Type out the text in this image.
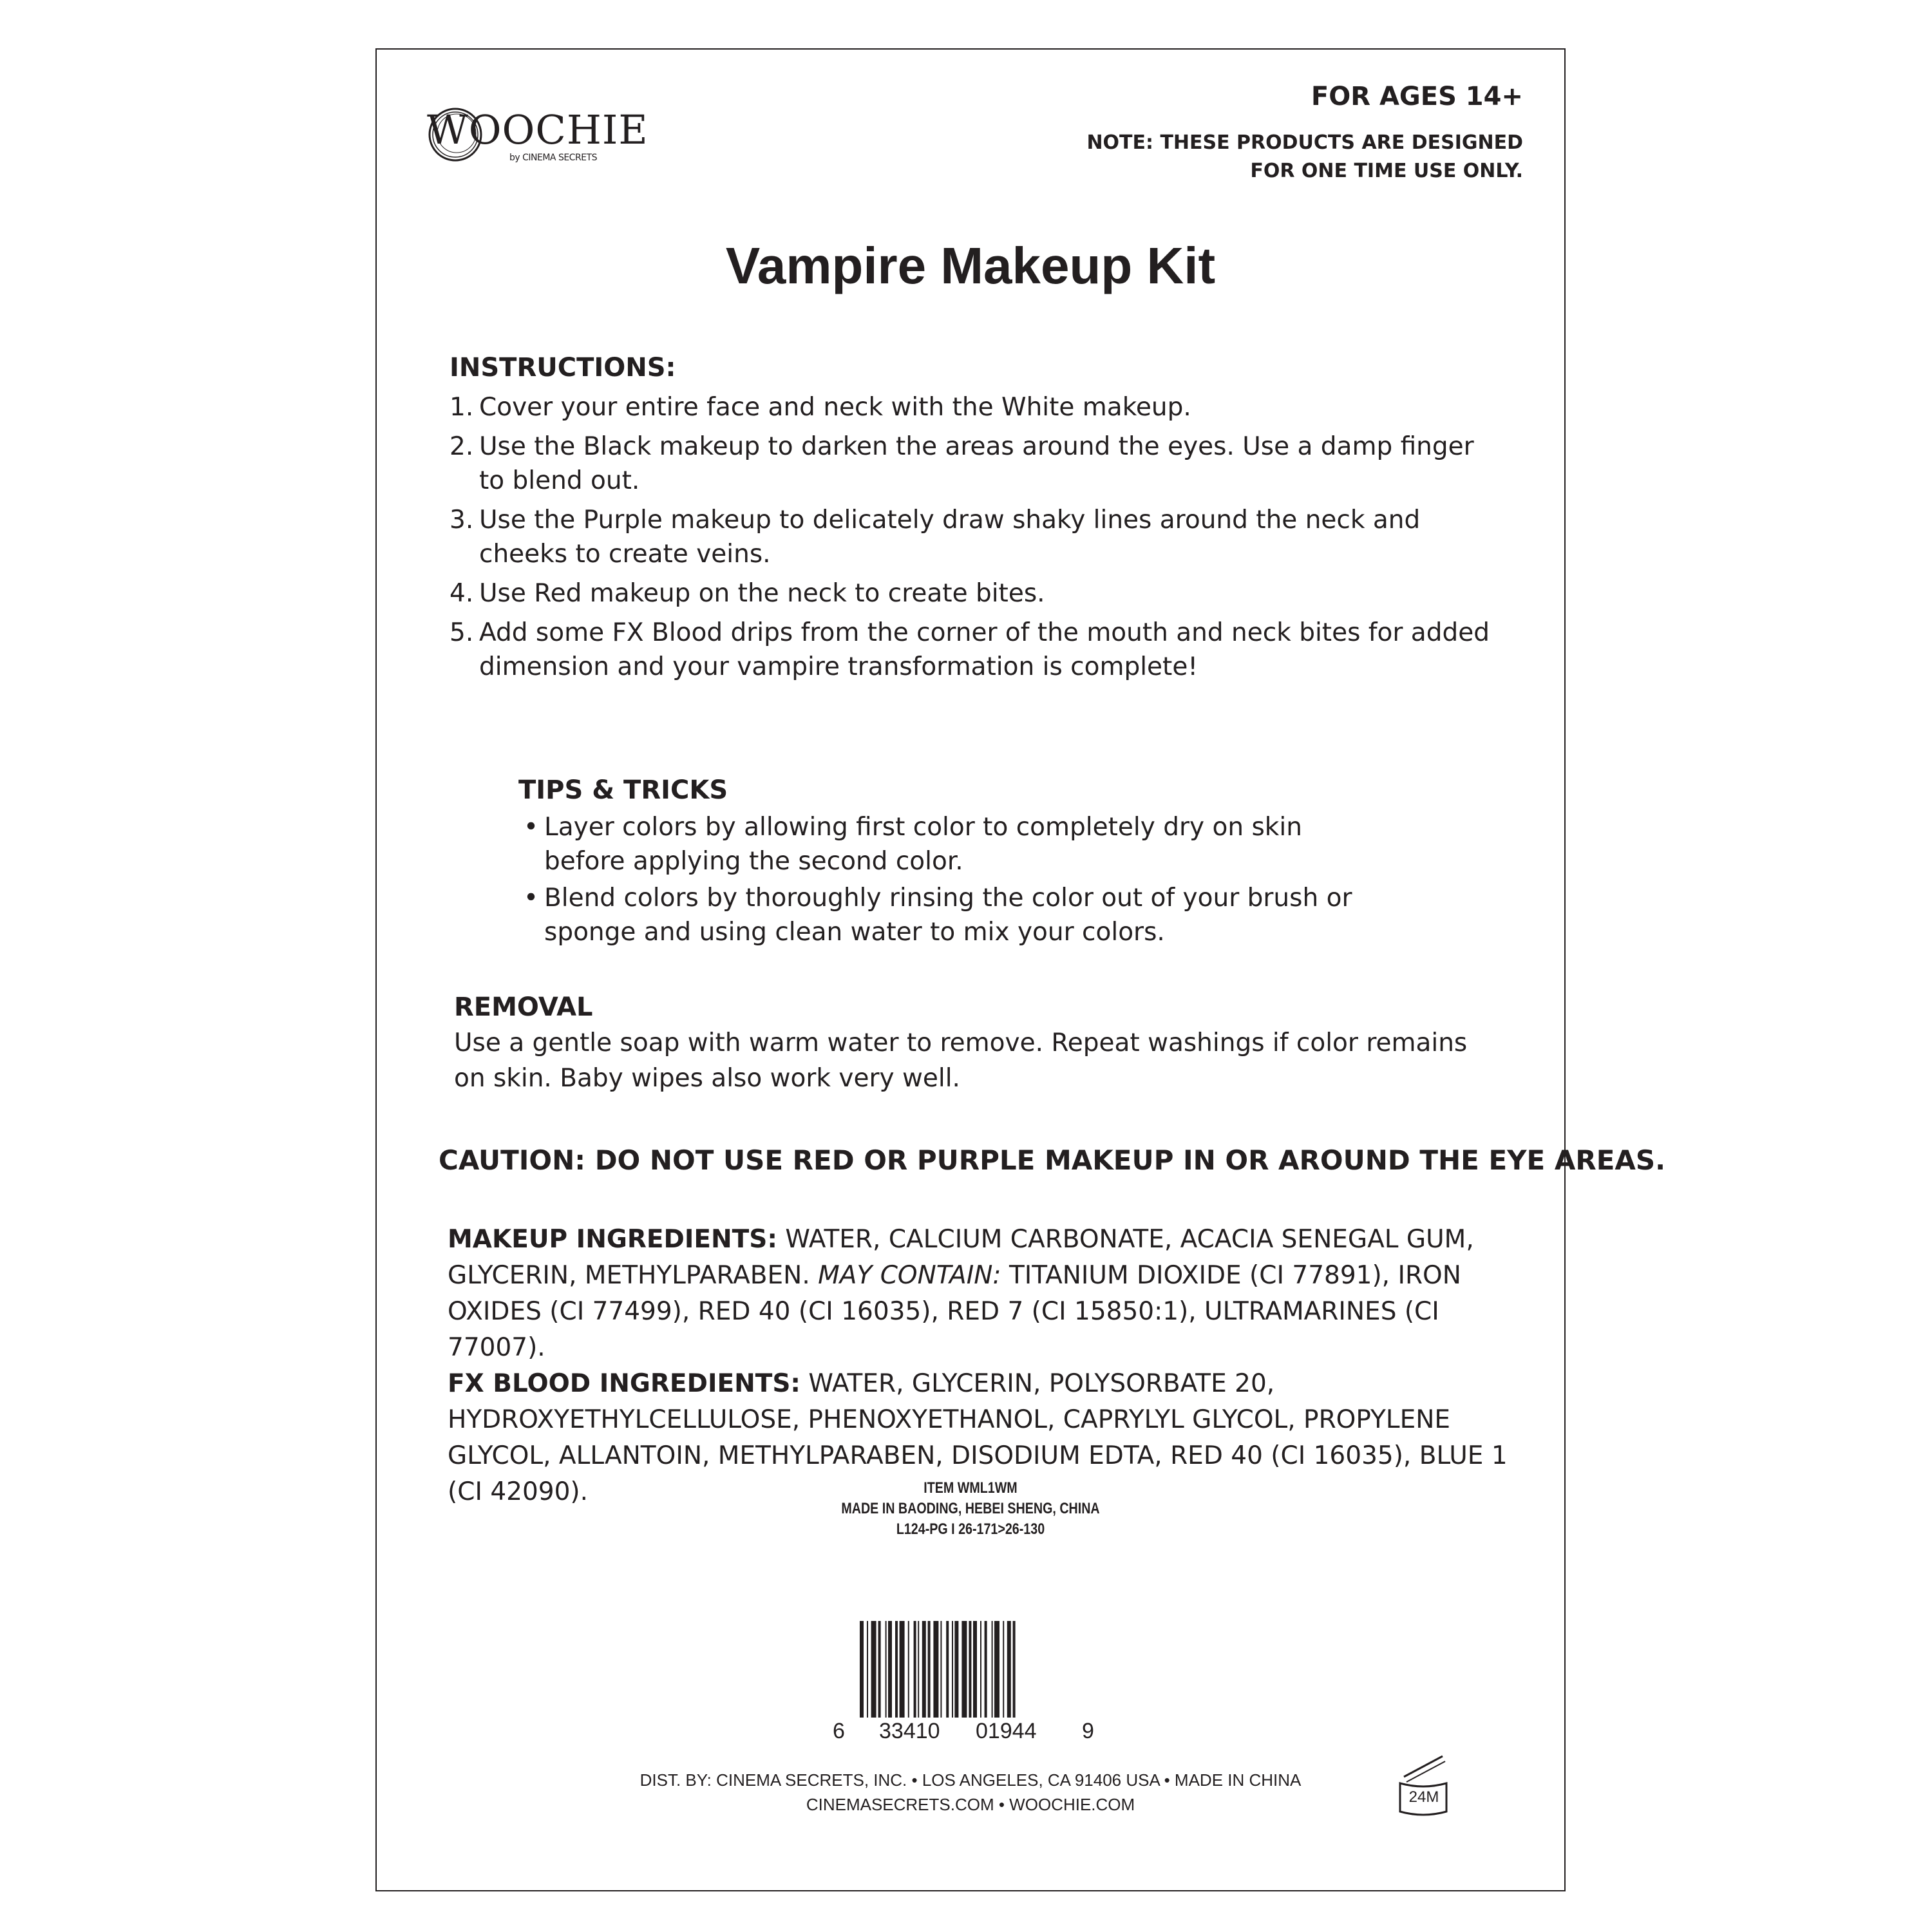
WOOCHIE
by CINEMA SECRETS
FOR AGES 14+
NOTE: THESE PRODUCTS ARE DESIGNED
FOR ONE TIME USE ONLY.
Vampire Makeup Kit
INSTRUCTIONS:
1. Cover your entire face and neck with the White makeup.
2. Use the Black makeup to darken the areas around the eyes. Use a damp finger to blend out.
3. Use the Purple makeup to delicately draw shaky lines around the neck and cheeks to create veins.
4. Use Red makeup on the neck to create bites.
5. Add some FX Blood drips from the corner of the mouth and neck bites for added dimension and your vampire transformation is complete!
TIPS & TRICKS
• Layer colors by allowing first color to completely dry on skin before applying the second color.
• Blend colors by thoroughly rinsing the color out of your brush or sponge and using clean water to mix your colors.
REMOVAL
Use a gentle soap with warm water to remove. Repeat washings if color remains on skin. Baby wipes also work very well.
CAUTION: DO NOT USE RED OR PURPLE MAKEUP IN OR AROUND THE EYE AREAS.
MAKEUP INGREDIENTS: WATER, CALCIUM CARBONATE, ACACIA SENEGAL GUM, GLYCERIN, METHYLPARABEN. MAY CONTAIN: TITANIUM DIOXIDE (CI 77891), IRON OXIDES (CI 77499), RED 40 (CI 16035), RED 7 (CI 15850:1), ULTRAMARINES (CI 77007).
FX BLOOD INGREDIENTS: WATER, GLYCERIN, POLYSORBATE 20, HYDROXYETHYLCELLULOSE, PHENOXYETHANOL, CAPRYLYL GLYCOL, PROPYLENE GLYCOL, ALLANTOIN, METHYLPARABEN, DISODIUM EDTA, RED 40 (CI 16035), BLUE 1 (CI 42090).	ITEM WML1WM
MADE IN BAODING, HEBEI SHENG, CHINA
L124-PG I 26-171>26-130
6 33410 01944 9
DIST. BY: CINEMA SECRETS, INC. • LOS ANGELES, CA 91406 USA • MADE IN CHINA
CINEMASECRETS.COM • WOOCHIE.COM	24M
